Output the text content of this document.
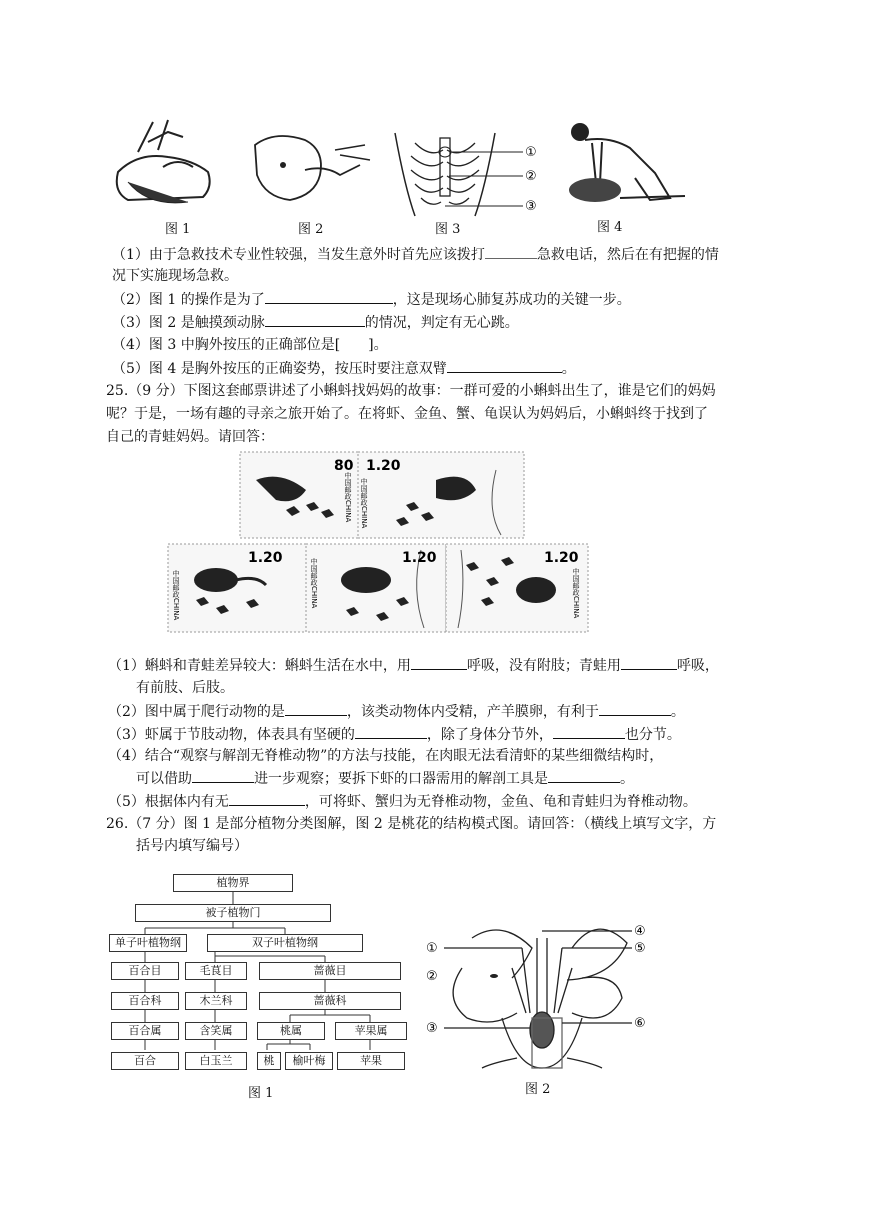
①
②
③
图 1	图 2	图 3	图 4
（1）由于急救技术专业性较强，当发生意外时首先应该拨打	急救电话，然后在有把握的情
况下实施现场急救。
（2）图 1 的操作是为了	，这是现场心肺复苏成功的关键一步。
（3）图 2 是触摸颈动脉	的情况，判定有无心跳。
（4）图 3 中胸外按压的正确部位是[　　]。
（5）图 4 是胸外按压的正确姿势，按压时要注意双臂	。
25.（9 分）下图这套邮票讲述了小蝌蚪找妈妈的故事：一群可爱的小蝌蚪出生了，谁是它们的妈妈
呢？于是，一场有趣的寻亲之旅开始了。在将虾、金鱼、蟹、龟误认为妈妈后，小蝌蚪终于找到了
自己的青蛙妈妈。请回答：
80 1.20
1.20	1.20	1.20
中国邮政CHINA 中国邮政CHINA
中国邮政CHINA	中国邮政CHINA	中国邮政CHINA
（1）蝌蚪和青蛙差异较大：蝌蚪生活在水中，用	呼吸，没有附肢；青蛙用	呼吸，
有前肢、后肢。
（2）图中属于爬行动物的是	，该类动物体内受精，产羊膜卵，有利于	。
（3）虾属于节肢动物，体表具有坚硬的	，除了身体分节外，	也分节。
（4）结合“观察与解剖无脊椎动物”的方法与技能，在肉眼无法看清虾的某些细微结构时，
可以借助	进一步观察；要拆下虾的口器需用的解剖工具是	。
（5）根据体内有无	，可将虾、蟹归为无脊椎动物，金鱼、龟和青蛙归为脊椎动物。
26.（7 分）图 1 是部分植物分类图解，图 2 是桃花的结构模式图。请回答：（横线上填写文字，方
括号内填写编号）
植物界
被子植物门
单子叶植物纲	双子叶植物纲
百合目	毛茛目	蔷薇目
百合科	木兰科	蔷薇科
百合属	含笑属	桃属	苹果属
百合	白玉兰	桃	榆叶梅	苹果
图 1
①
②
③
④
⑤
⑥
图 2
